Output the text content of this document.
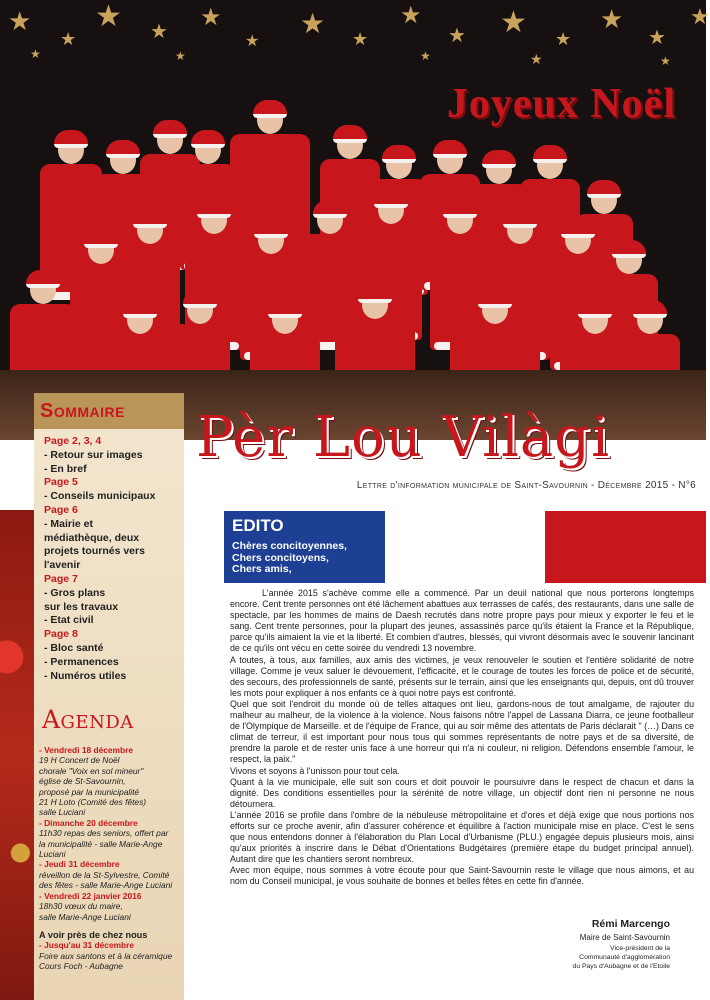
★
★
★ ★
★
★
★ ★
★
★ ★ ★
★
★
★
★	★	★	★	★
Joyeux Noël
Sommaire
Page 2, 3, 4
- Retour sur images
- En bref
Page 5
- Conseils municipaux
Page 6
- Mairie et
médiathèque, deux
projets tournés vers
l'avenir
Page 7
- Gros plans
sur les travaux
- Etat civil
Page 8
- Bloc santé
- Permanences
- Numéros utiles
Agenda
- Vendredi 18 décembre
19 H Concert de Noël
chorale "Voix en sol mineur"
église de St-Savournin,
proposé par la municipalité
21 H Loto (Comité des fêtes)
salle Luciani
- Dimanche 20 décembre
11h30 repas des seniors, offert par
la municipalité - salle Marie-Ange
Luciani
- Jeudi 31 décembre
réveillon de la St-Sylvestre, Comité
des fêtes - salle Marie-Ange Luciani
- Vendredi 22 janvier 2016
18h30 vœux du maire,
salle Marie-Ange Luciani
A voir près de chez nous
- Jusqu'au 31 décembre
Foire aux santons et à la céramique
Cours Foch - Aubagne
Pèr Lou Vilàgi
Lettre d'information municipale de Saint-Savournin - Décembre 2015 - N°6
EDITO
Chères concitoyennes,
Chers concitoyens,
Chers amis,

L'année 2015 s'achève comme elle a commencé. Par un deuil national que nous porterons longtemps encore. Cent trente personnes ont été lâchement abattues aux terrasses de cafés, des restaurants, dans une salle de spectacle, par les hommes de mains de Daesh recrutés dans notre propre pays pour mieux y exporter le feu et le sang. Cent trente personnes, pour la plupart des jeunes, assassinés parce qu'ils étaient la France et la République, parce qu'ils aimaient la vie et la liberté. Et combien d'autres, blessés, qui vivront désormais avec le souvenir lancinant de ce qu'ils ont vécu en cette soirée du vendredi 13 novembre.

A toutes, à tous, aux familles, aux amis des victimes, je veux renouveler le soutien et l'entière solidarité de notre village. Comme je veux saluer le dévouement, l'efficacité, et le courage de toutes les forces de police et de sécurité, des secours, des professionnels de santé, présents sur le terrain, ainsi que les enseignants qui, depuis, ont dû trouver les mots pour expliquer à nos enfants ce à quoi notre pays est confronté.

Quel que soit l'endroit du monde où de telles attaques ont lieu, gardons-nous de tout amalgame, de rajouter du malheur au malheur, de la violence à la violence. Nous faisons nôtre l'appel de Lassana Diarra, ce jeune footballeur de l'Olympique de Marseille. et de l'équipe de France, qui au soir même des attentats de Paris déclarait " (…) Dans ce climat de terreur, il est important pour nous tous qui sommes représentants de notre pays et de sa diversité, de prendre la parole et de rester unis face à une horreur qui n'a ni couleur, ni religion. Défendons ensemble l'amour, le respect, la paix."

Vivons et soyons à l'unisson pour tout cela.

Quant à la vie municipale, elle suit son cours et doit pouvoir le poursuivre dans le respect de chacun et dans la dignité. Des conditions essentielles pour la sérénité de notre village, un objectif dont rien ni personne ne nous détournera.

L'année 2016 se profile dans l'ombre de la nébuleuse métropolitaine et d'ores et déjà exige que nous portions nos efforts sur ce proche avenir, afin d'assurer cohérence et équilibre à l'action municipale mise en place. C'est le sens que nous entendons donner à l'élaboration du Plan Local d'Urbanisme (PLU.) engagée depuis plusieurs mois, ainsi qu'aux priorités à inscrire dans le Débat d'Orientations Budgétaires (première étape du budget principal annuel). Autant dire que les chantiers seront nombreux.

Avec mon équipe, nous sommes à votre écoute pour que Saint-Savournin reste le village que nous aimons, et au nom du Conseil municipal, je vous souhaite de bonnes et belles fêtes en cette fin d'année.

Rémi Marcengo
Maire de Saint-Savournin
Vice-président de la
Communauté d'agglomération
du Pays d'Aubagne et de l'Etoile
